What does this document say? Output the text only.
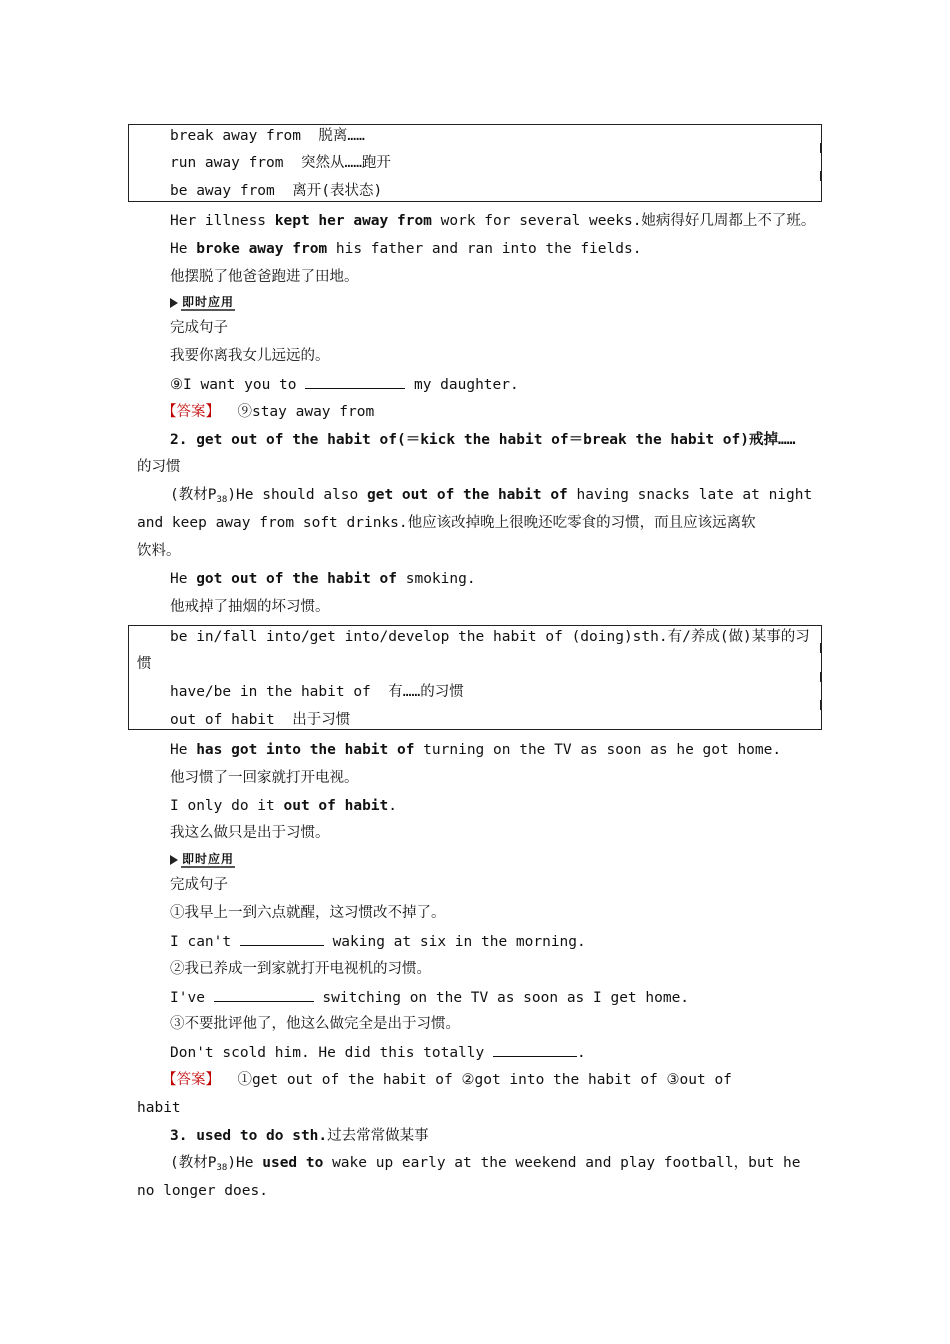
break away from 脱离……
run away from 突然从……跑开
be away from 离开(表状态)
Her illness kept her away from work for several weeks.她病得好几周都上不了班。
He broke away from his father and ran into the fields.
他摆脱了他爸爸跑进了田地。
即时应用
完成句子
我要你离我女儿远远的。
⑨I want you to	my daughter.
【答案】 ⑨stay away from
2. get out of the habit of(＝kick the habit of＝break the habit of)戒掉……
的习惯
(教材$P_{38})He$ should also get out of the habit of having snacks late at night
and keep away from soft drinks.他应该改掉晚上很晚还吃零食的习惯，而且应该远离软
饮料。
He got out of the habit of smoking.
他戒掉了抽烟的坏习惯。
be in/fall into/get into/develop the habit of (doing)sth.有/养成(做)某事的习
惯
have/be in the habit of 有……的习惯
out of habit 出于习惯
He has got into the habit of turning on the TV as soon as he got home.
他习惯了一回家就打开电视。
I only do it out of habit.
我这么做只是出于习惯。
即时应用
完成句子
①我早上一到六点就醒，这习惯改不掉了。
I can't	waking at six in the morning.
②我已养成一到家就打开电视机的习惯。
I've	switching on the TV as soon as I get home.
③不要批评他了，他这么做完全是出于习惯。
Don't scold him. He did this totally	.
【答案】 ①get out of the habit of ②got into the habit of ③out of
habit
3. used to do sth.过去常常做某事
(教材$P_{38})He$ used to wake up early at the weekend and play football，but he
no longer does.
